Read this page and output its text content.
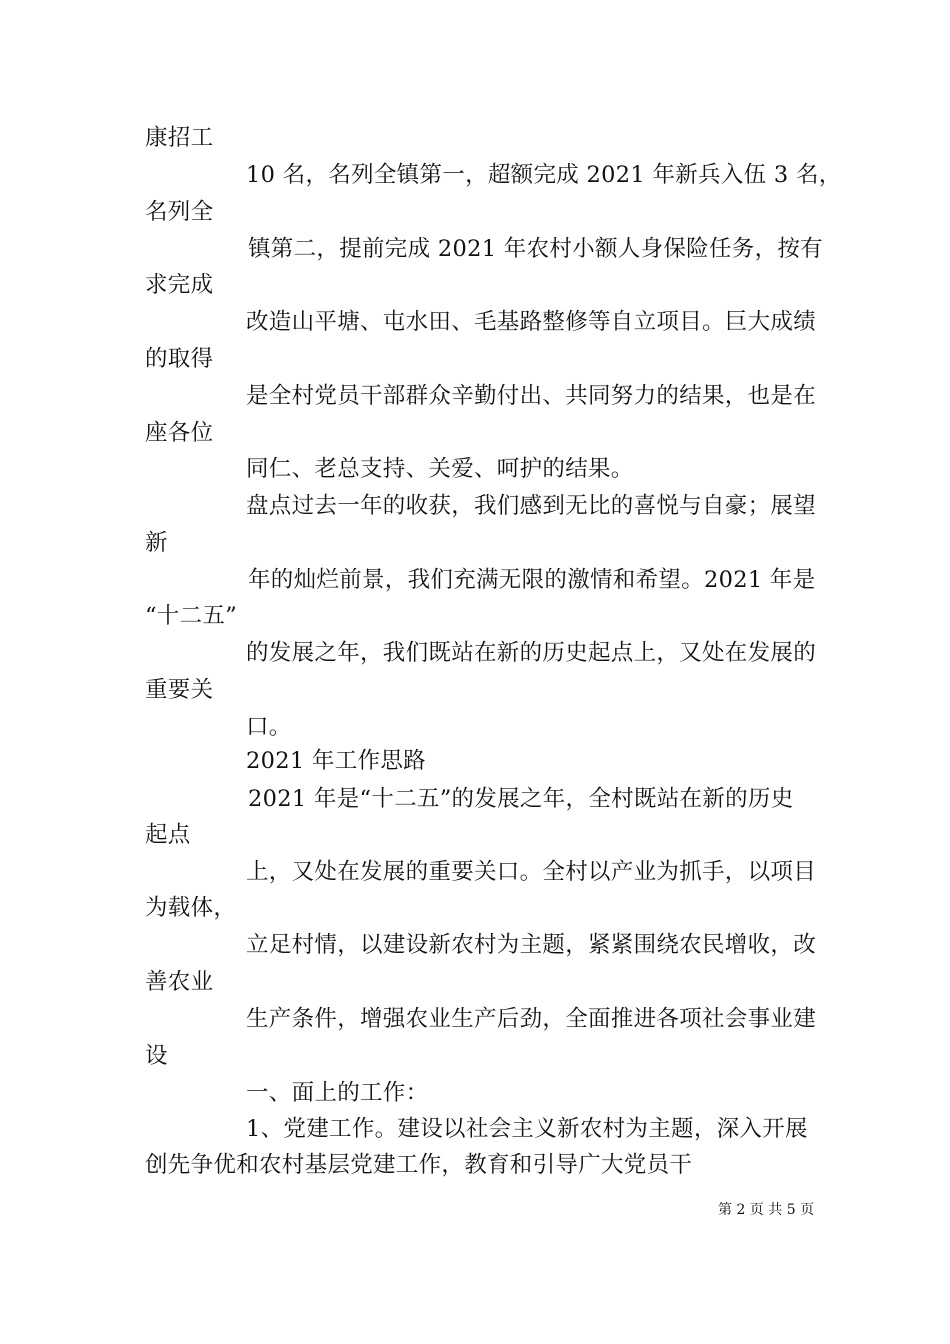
康招工
10 名，名列全镇第一，超额完成 2021 年新兵入伍 3 名，
名列全
镇第二，提前完成 2021 年农村小额人身保险任务，按有
求完成
改造山平塘、屯水田、毛基路整修等自立项目。巨大成绩
的取得
是全村党员干部群众辛勤付出、共同努力的结果，也是在
座各位
同仁、老总支持、关爱、呵护的结果。
盘点过去一年的收获，我们感到无比的喜悦与自豪；展望
新
年的灿烂前景，我们充满无限的激情和希望。2021 年是
“十二五”
的发展之年，我们既站在新的历史起点上，又处在发展的
重要关
口。
2021 年工作思路
2021 年是“十二五”的发展之年，全村既站在新的历史
起点
上，又处在发展的重要关口。全村以产业为抓手，以项目
为载体，
立足村情，以建设新农村为主题，紧紧围绕农民增收，改
善农业
生产条件，增强农业生产后劲，全面推进各项社会事业建
设
一、面上的工作：
1、党建工作。建设以社会主义新农村为主题，深入开展
创先争优和农村基层党建工作，教育和引导广大党员干
第 2 页 共 5 页
